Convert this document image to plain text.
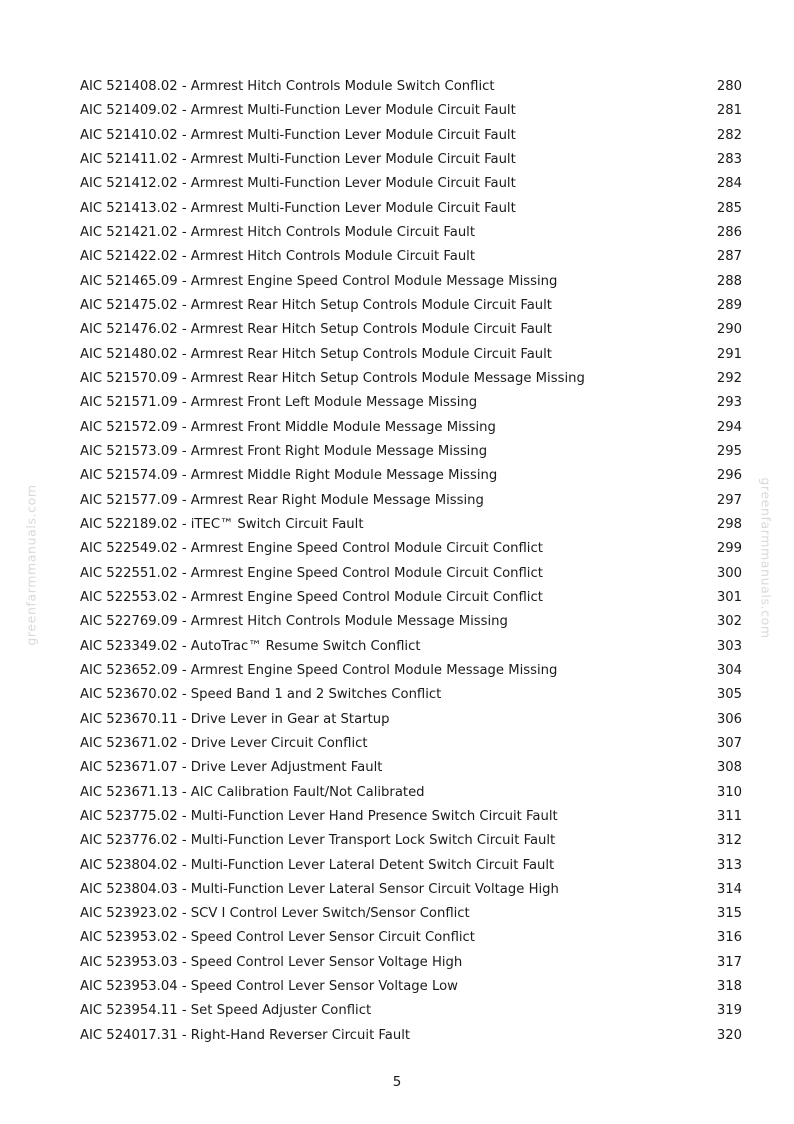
AIC 521408.02 - Armrest Hitch Controls Module Switch Conflict	280
AIC 521409.02 - Armrest Multi-Function Lever Module Circuit Fault	281
AIC 521410.02 - Armrest Multi-Function Lever Module Circuit Fault	282
AIC 521411.02 - Armrest Multi-Function Lever Module Circuit Fault	283
AIC 521412.02 - Armrest Multi-Function Lever Module Circuit Fault	284
AIC 521413.02 - Armrest Multi-Function Lever Module Circuit Fault	285
AIC 521421.02 - Armrest Hitch Controls Module Circuit Fault	286
AIC 521422.02 - Armrest Hitch Controls Module Circuit Fault	287
AIC 521465.09 - Armrest Engine Speed Control Module Message Missing	288
AIC 521475.02 - Armrest Rear Hitch Setup Controls Module Circuit Fault	289
AIC 521476.02 - Armrest Rear Hitch Setup Controls Module Circuit Fault	290
AIC 521480.02 - Armrest Rear Hitch Setup Controls Module Circuit Fault	291
AIC 521570.09 - Armrest Rear Hitch Setup Controls Module Message Missing	292
AIC 521571.09 - Armrest Front Left Module Message Missing	293
AIC 521572.09 - Armrest Front Middle Module Message Missing	294
AIC 521573.09 - Armrest Front Right Module Message Missing	295
AIC 521574.09 - Armrest Middle Right Module Message Missing	296
AIC 521577.09 - Armrest Rear Right Module Message Missing	297
AIC 522189.02 - iTEC™ Switch Circuit Fault	298
AIC 522549.02 - Armrest Engine Speed Control Module Circuit Conflict	299
AIC 522551.02 - Armrest Engine Speed Control Module Circuit Conflict	300
AIC 522553.02 - Armrest Engine Speed Control Module Circuit Conflict	301
AIC 522769.09 - Armrest Hitch Controls Module Message Missing	302
AIC 523349.02 - AutoTrac™ Resume Switch Conflict	303
AIC 523652.09 - Armrest Engine Speed Control Module Message Missing	304
AIC 523670.02 - Speed Band 1 and 2 Switches Conflict	305
AIC 523670.11 - Drive Lever in Gear at Startup	306
AIC 523671.02 - Drive Lever Circuit Conflict	307
AIC 523671.07 - Drive Lever Adjustment Fault	308
AIC 523671.13 - AIC Calibration Fault/Not Calibrated	310
AIC 523775.02 - Multi-Function Lever Hand Presence Switch Circuit Fault	311
AIC 523776.02 - Multi-Function Lever Transport Lock Switch Circuit Fault	312
AIC 523804.02 - Multi-Function Lever Lateral Detent Switch Circuit Fault	313
AIC 523804.03 - Multi-Function Lever Lateral Sensor Circuit Voltage High	314
AIC 523923.02 - SCV I Control Lever Switch/Sensor Conflict	315
AIC 523953.02 - Speed Control Lever Sensor Circuit Conflict	316
AIC 523953.03 - Speed Control Lever Sensor Voltage High	317
AIC 523953.04 - Speed Control Lever Sensor Voltage Low	318
AIC 523954.11 - Set Speed Adjuster Conflict	319
AIC 524017.31 - Right-Hand Reverser Circuit Fault	320
greenfarmmanuals.com	greenfarmmanuals.com
5
